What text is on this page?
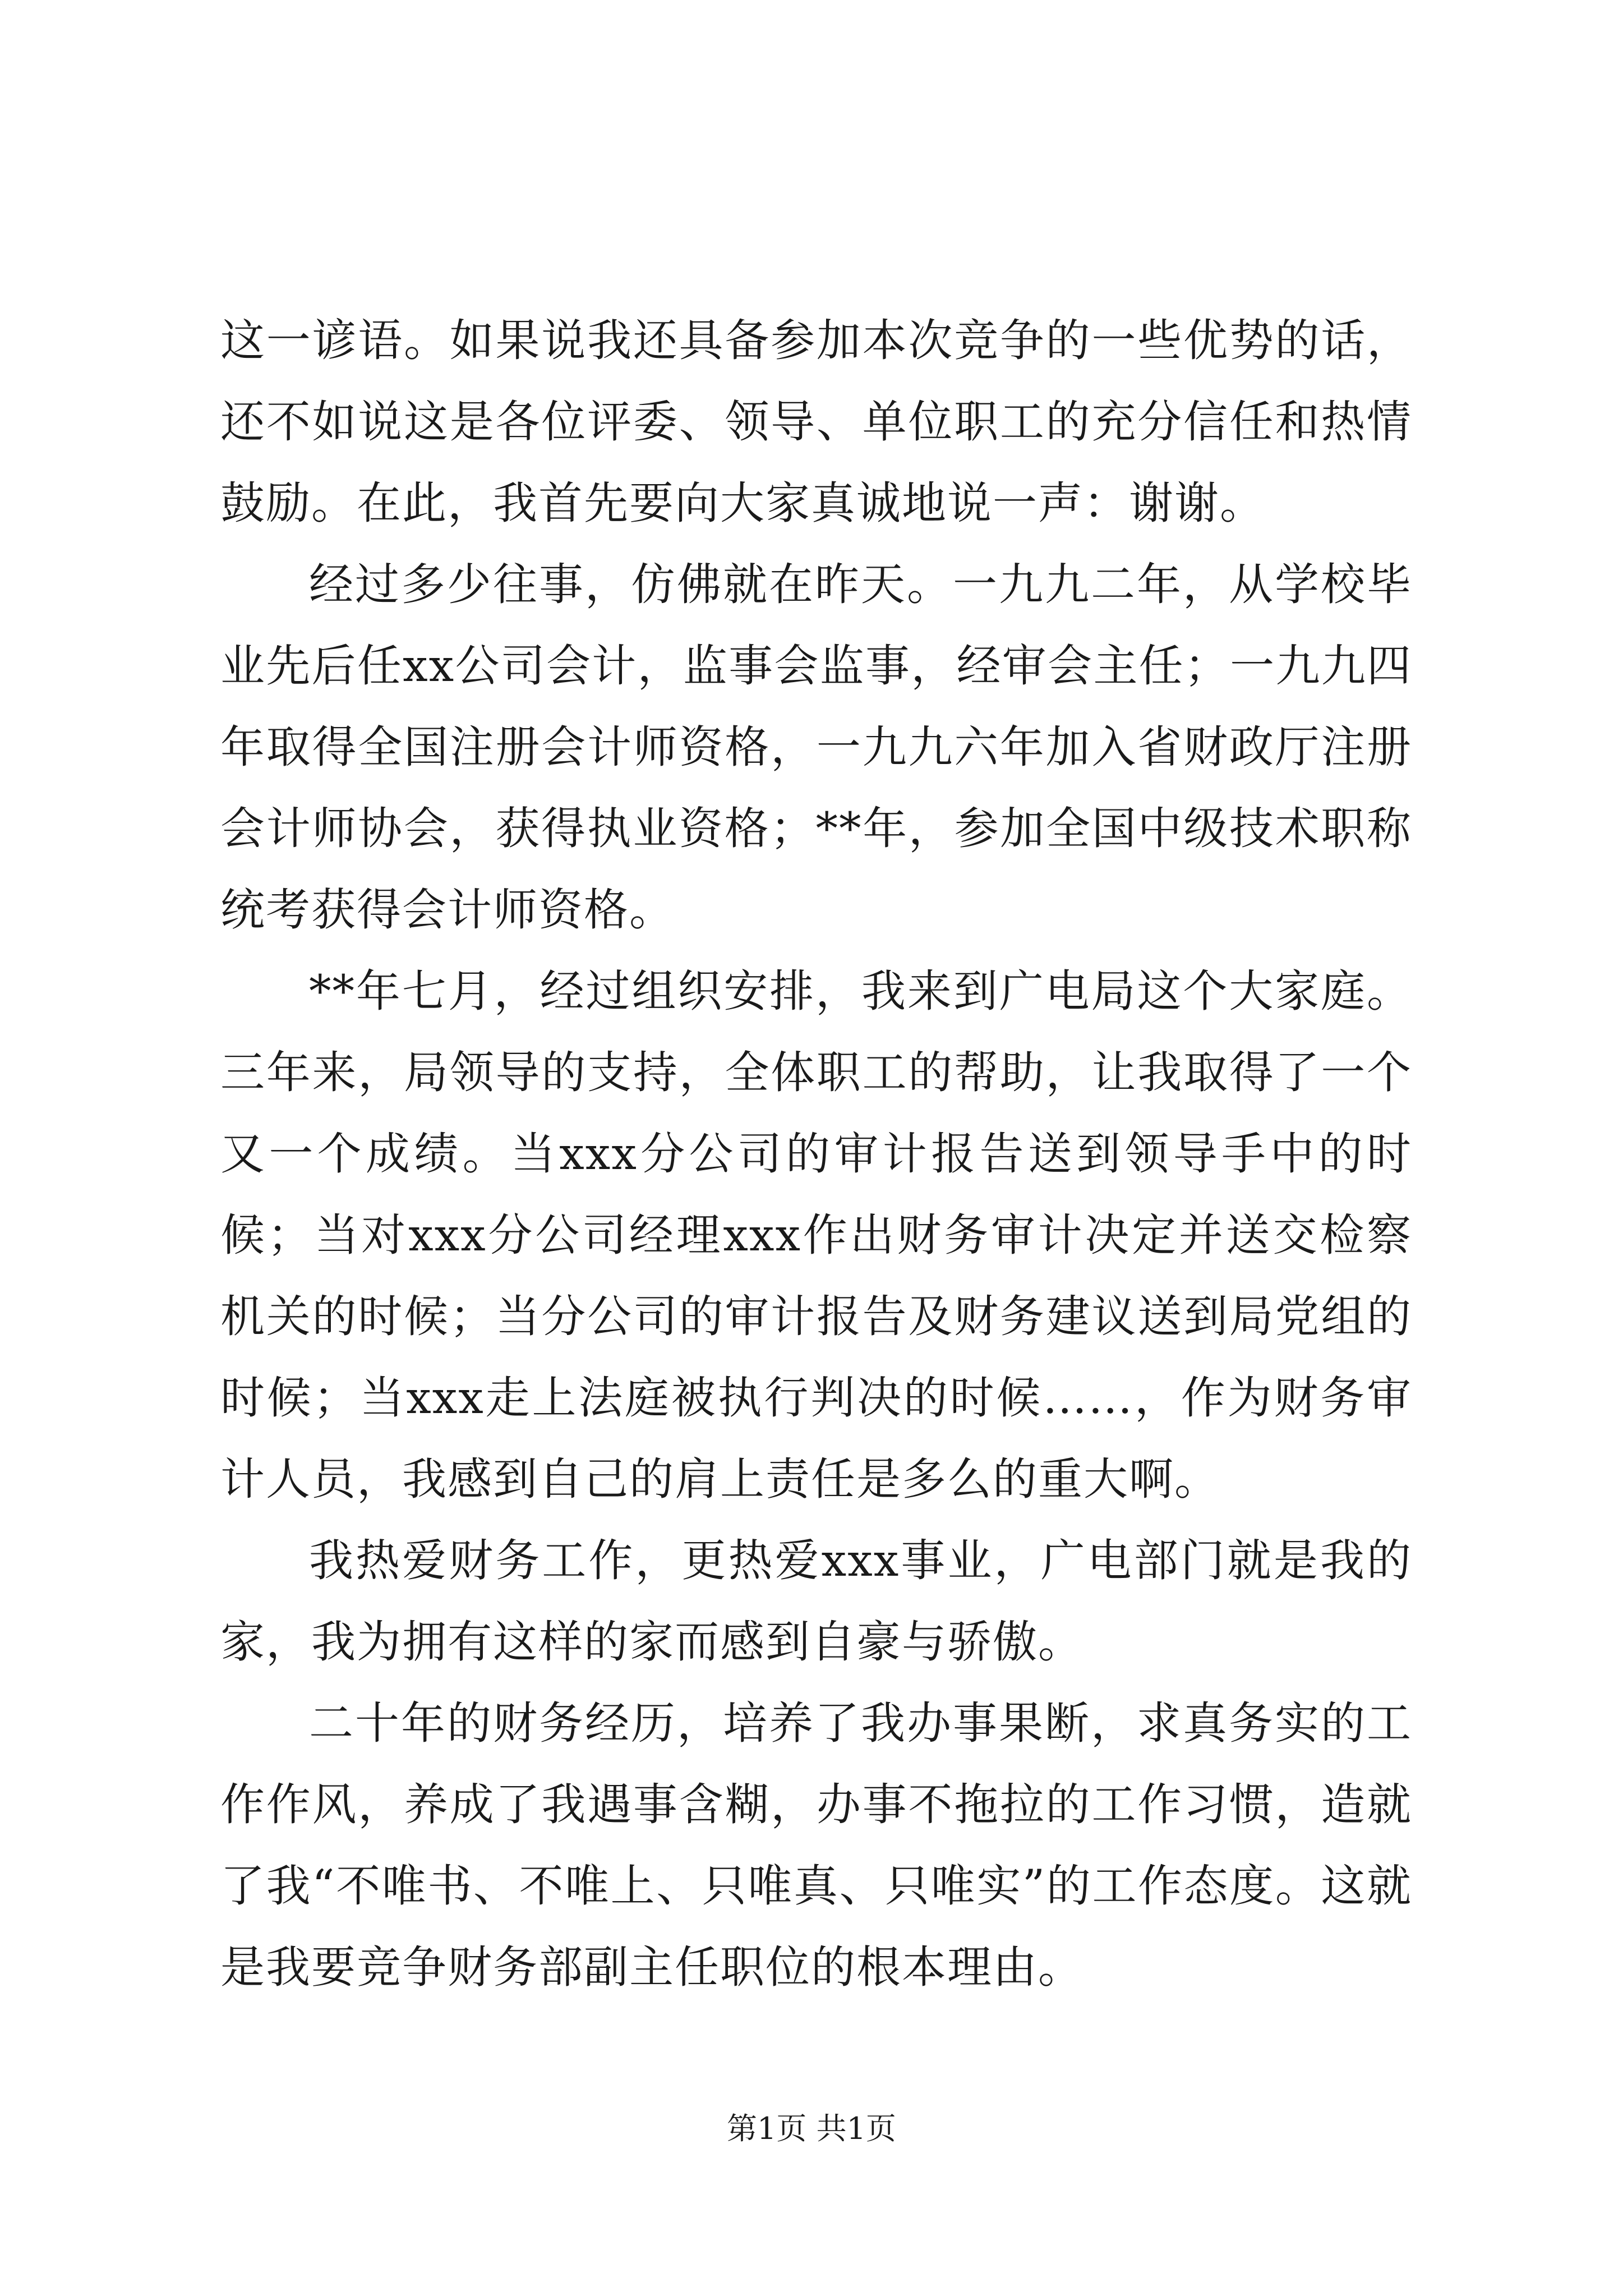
这一谚语。如果说我还具备参加本次竞争的一些优势的话，还不如说这是各位评委、领导、单位职工的充分信任和热情鼓励。在此，我首先要向大家真诚地说一声：谢谢。

经过多少往事，仿佛就在昨天。一九九二年，从学校毕业先后任xx公司会计，监事会监事，经审会主任；一九九四年取得全国注册会计师资格，一九九六年加入省财政厅注册会计师协会，获得执业资格；**年，参加全国中级技术职称统考获得会计师资格。

**年七月，经过组织安排，我来到广电局这个大家庭。三年来，局领导的支持，全体职工的帮助，让我取得了一个又一个成绩。当xxx分公司的审计报告送到领导手中的时候；当对xxx分公司经理xxx作出财务审计决定并送交检察机关的时候；当分公司的审计报告及财务建议送到局党组的时候；当xxx走上法庭被执行判决的时候……，作为财务审计人员，我感到自己的肩上责任是多么的重大啊。

我热爱财务工作，更热爱xxx事业，广电部门就是我的家，我为拥有这样的家而感到自豪与骄傲。

二十年的财务经历，培养了我办事果断，求真务实的工作作风，养成了我遇事含糊，办事不拖拉的工作习惯，造就了我“不唯书、不唯上、只唯真、只唯实”的工作态度。这就是我要竞争财务部副主任职位的根本理由。

第1页 共1页
